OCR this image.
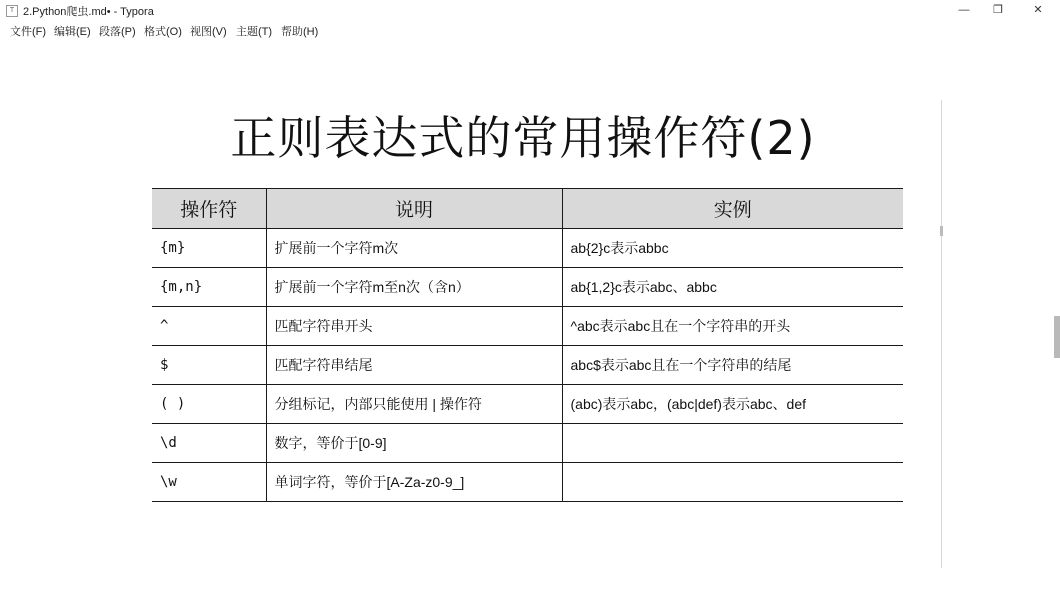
T 2.Python爬虫.md• - Typora	—	❐	✕
文件(F) 编辑(E) 段落(P) 格式(O) 视图(V) 主题(T) 帮助(H)
正则表达式的常用操作符(2)
操作符	说明	实例
{m}	扩展前一个字符m次	ab{2}c表示abbc
{m,n}	扩展前一个字符m至n次（含n）	ab{1,2}c表示abc、abbc
^	匹配字符串开头	^abc表示abc且在一个字符串的开头
$	匹配字符串结尾	abc$表示abc且在一个字符串的结尾
( )	分组标记，内部只能使用 | 操作符	(abc)表示abc，(abc|def)表示abc、def
\d	数字，等价于[0-9]	
\w	单词字符，等价于[A-Za-z0-9_]	
